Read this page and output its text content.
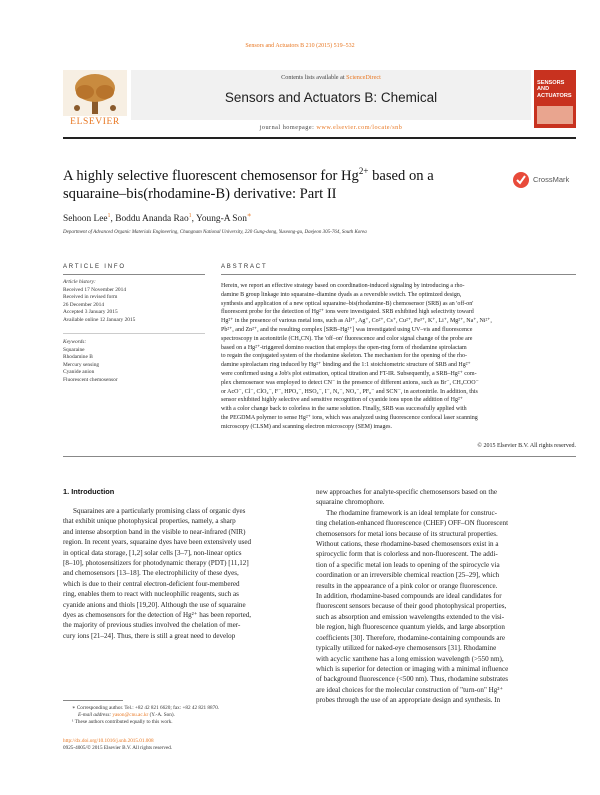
Sensors and Actuators B 210 (2015) 519–532
ELSEVIER
Contents lists available at ScienceDirect
Sensors and Actuators B: Chemical
journal homepage: www.elsevier.com/locate/snb
SENSORS AND ACTUATORS
A highly selective fluorescent chemosensor for $Hg^{2+}$ based on a
squaraine–bis(rhodamine-B) derivative: Part II
CrossMark
Sehoon Lee$^1$, Boddu Ananda Rao$^1$, Young-A Son∗
Department of Advanced Organic Materials Engineering, Chungnam National University, 220 Gung-dong, Yuseong-gu, Daejeon 305-764, South Korea
ARTICLE INFO
Article history:
Received 17 November 2014
Received in revised form
26 December 2014
Accepted 3 January 2015
Available online 12 January 2015
Keywords:
Squaraine
Rhodamine B
Mercury sensing
Cyanide anion
Fluorescent chemosensor
ABSTRACT
Herein, we report an effective strategy based on coordination-induced signaling by introducing a rho-
damine B group linkage into squaraine–diamine dyads as a reversible switch. The optimized design,
synthesis and application of a new optical squaraine–bis(rhodamine-B) chemosensor (SRB) as an 'off-on'
fluorescent probe for the detection of Hg²⁺ ions were investigated. SRB exhibited high selectivity toward
Hg²⁺ in the presence of various metal ions, such as Al³⁺, Ag⁺, Co²⁺, Cs⁺, Cu²⁺, Fe³⁺, K⁺, Li⁺, Mg²⁺, Na⁺, Ni²⁺,
Pb²⁺, and Zn²⁺, and the resulting complex [SRB–Hg²⁺] was investigated using UV–vis and fluorescence
spectroscopy in acetonitrile (CH₃CN). The 'off–on' fluorescence and color signal change of the probe are
based on a Hg²⁺-triggered domino reaction that employs the open-ring form of rhodamine spirolactam
to regain the conjugated system of the rhodamine skeleton. The mechanism for the opening of the rho-
damine spirolactam ring induced by Hg²⁺ binding and the 1:1 stoichiometric structure of SRB and Hg²⁺
were confirmed using a Job's plot estimation, optical titration and FT-IR. Subsequently, a SRB–Hg²⁺ com-
plex chemosensor was employed to detect CN⁻ in the presence of different anions, such as Br⁻, CH₃COO⁻
or AcO⁻, Cl⁻, ClO₄⁻, F⁻, HPO₄⁻, HSO₄⁻, I⁻, N₃⁻, NO₃⁻, PF₆⁻ and SCN⁻, in acetonitrile. In addition, this
sensor exhibited highly selective and sensitive recognition of cyanide ions upon the addition of Hg²⁺
with a color change back to colorless in the same solution. Finally, SRB was successfully applied with
the PEGDMA polymer to sense Hg²⁺ ions, which was analyzed using fluorescence confocal laser scanning
microscopy (CLSM) and scanning electron microscopy (SEM) images.
© 2015 Elsevier B.V. All rights reserved.
1. Introduction
Squaraines are a particularly promising class of organic dyes
that exhibit unique photophysical properties, namely, a sharp
and intense absorption band in the visible to near-infrared (NIR)
region. In recent years, squaraine dyes have been extensively used
in optical data storage, [1,2] solar cells [3–7], non-linear optics
[8–10], photosensitizers for photodynamic therapy (PDT) [11,12]
and chemosensors [13–18]. The electrophilicity of these dyes,
which is due to their central electron-deficient four-membered
ring, enables them to react with nucleophilic reagents, such as
cyanide anions and thiols [19,20]. Although the use of squaraine
dyes as chemosensors for the detection of Hg²⁺ has been reported,
the majority of previous studies involved the chelation of mer-
cury ions [21–24]. Thus, there is still a great need to develop
new approaches for analyte-specific chemosensors based on the
squaraine chromophore.
The rhodamine framework is an ideal template for construc-
ting chelation-enhanced fluorescence (CHEF) OFF–ON fluorescent
chemosensors for metal ions because of its structural properties.
Without cations, these rhodamine-based chemosensors exist in a
spirocyclic form that is colorless and non-fluorescent. The addi-
tion of a specific metal ion leads to opening of the spirocycle via
coordination or an irreversible chemical reaction [25–29], which
results in the appearance of a pink color or orange fluorescence.
In addition, rhodamine-based compounds are ideal candidates for
fluorescent sensors because of their good photophysical properties,
such as absorption and emission wavelengths extended to the visi-
ble region, high fluorescence quantum yields, and large absorption
coefficients [30]. Therefore, rhodamine-containing compounds are
typically utilized for naked-eye chemosensors [31]. Rhodamine
with acyclic xanthene has a long emission wavelength (>550 nm),
which is superior for detection or imaging with a minimal influence
of background fluorescence (<500 nm). Thus, rhodamine substrates
are ideal choices for the molecular construction of "turn-on" Hg²⁺
probes through the use of an appropriate design and synthesis. In
∗ Corresponding author. Tel.: +82 42 821 6620; fax: +82 42 821 8870.
E-mail address: yason@cnu.ac.kr (Y.-A. Son).
¹ These authors contributed equally to this work.
http://dx.doi.org/10.1016/j.snb.2015.01.008
0925-4005/© 2015 Elsevier B.V. All rights reserved.
